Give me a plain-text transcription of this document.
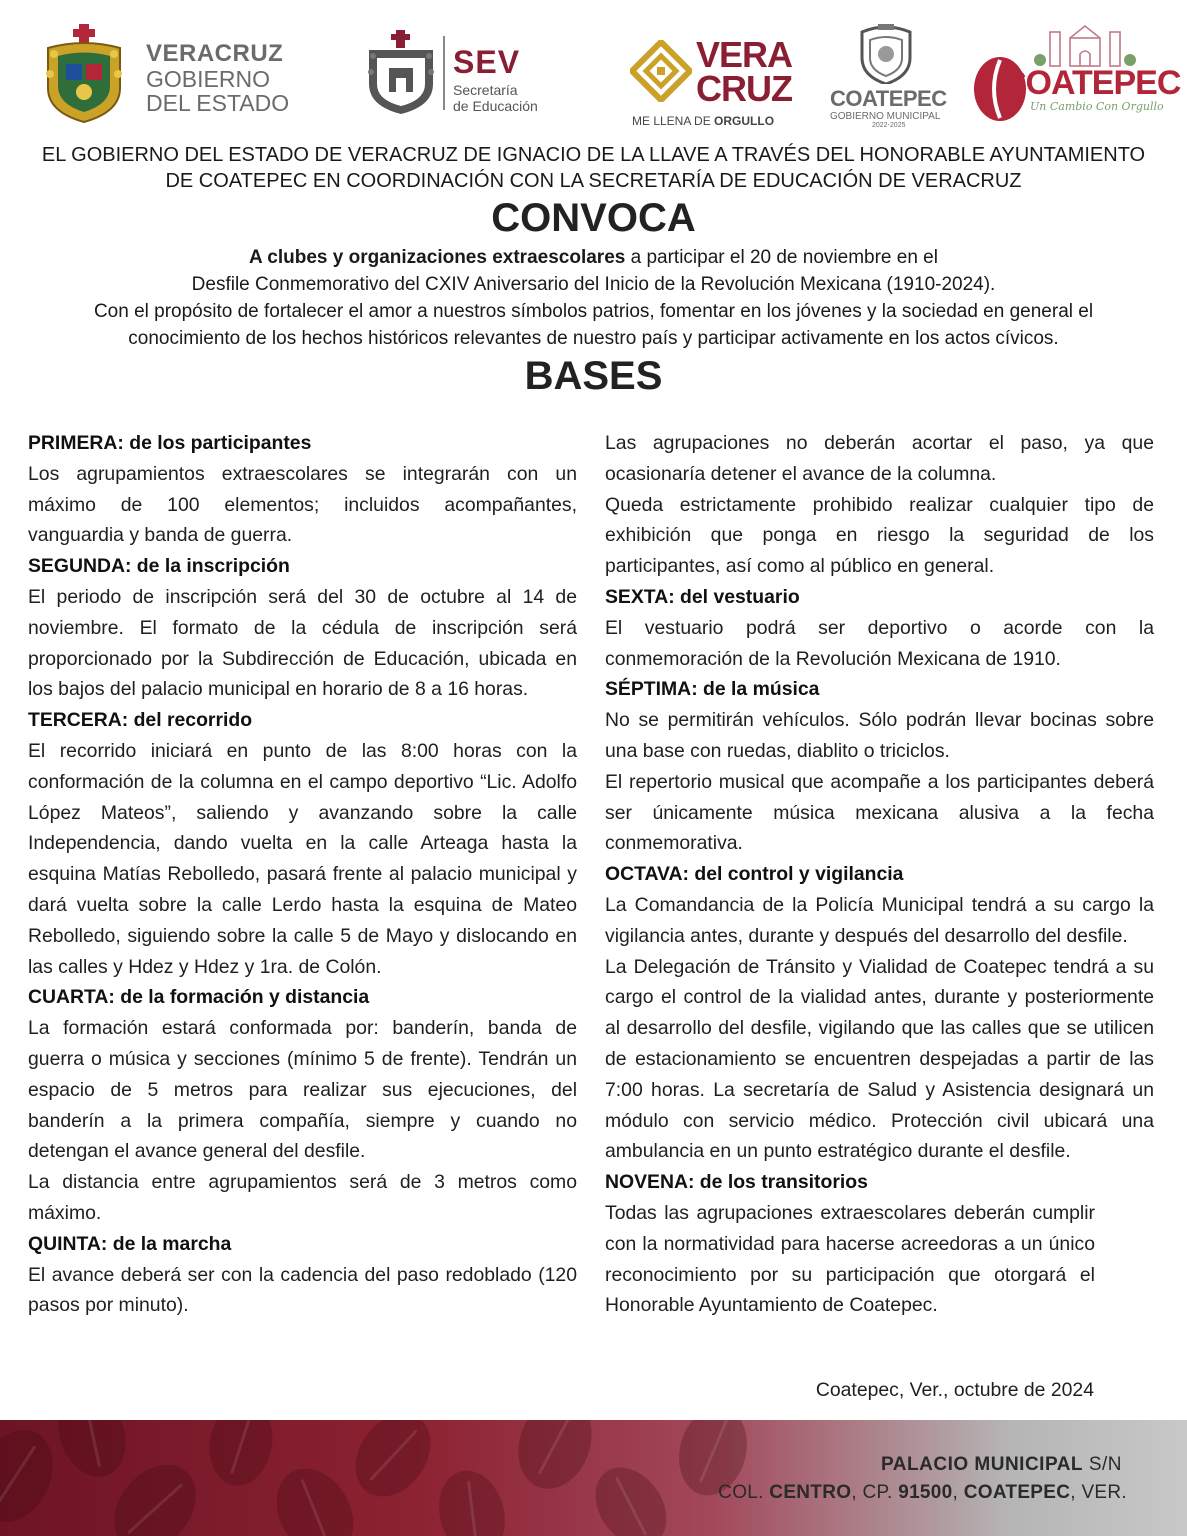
VERACRUZ
GOBIERNO
DEL ESTADO
SEV
Secretaría
de Educación
VERA
CRUZ
ME LLENA DE ORGULLO
COATEPEC
GOBIERNO MUNICIPAL
2022-2025
COATEPEC
Un Cambio Con Orgullo
EL GOBIERNO DEL ESTADO DE VERACRUZ DE IGNACIO DE LA LLAVE A TRAVÉS DEL HONORABLE AYUNTAMIENTO
DE COATEPEC EN COORDINACIÓN CON LA SECRETARÍA DE EDUCACIÓN DE VERACRUZ
CONVOCA
A clubes y organizaciones extraescolares a participar el 20 de noviembre en el
Desfile Conmemorativo del CXIV Aniversario del Inicio de la Revolución Mexicana (1910-2024).
Con el propósito de fortalecer el amor a nuestros símbolos patrios, fomentar en los jóvenes y la sociedad en general el
conocimiento de los hechos históricos relevantes de nuestro país y participar activamente en los actos cívicos.
BASES
PRIMERA: de los participantes

Los agrupamientos extraescolares se integrarán con un máximo de 100 elementos; incluidos acompañantes, vanguardia y banda de guerra.

SEGUNDA: de la inscripción

El periodo de inscripción será del 30 de octubre al 14 de noviembre. El formato de la cédula de inscripción será proporcionado por la Subdirección de Educación, ubicada en los bajos del palacio municipal en horario de 8 a 16 horas.

TERCERA: del recorrido

El recorrido iniciará en punto de las 8:00 horas con la conformación de la columna en el campo deportivo “Lic. Adolfo López Mateos”, saliendo y avanzando sobre la calle Independencia, dando vuelta en la calle Arteaga hasta la esquina Matías Rebolledo, pasará frente al palacio municipal y dará vuelta sobre la calle Lerdo hasta la esquina de Mateo Rebolledo, siguiendo sobre la calle 5 de Mayo y dislocando en las calles y Hdez y Hdez y 1ra. de Colón.

CUARTA: de la formación y distancia

La formación estará conformada por: banderín, banda de guerra o música y secciones (mínimo 5 de frente). Tendrán un espacio de 5 metros para realizar sus ejecuciones, del banderín a la primera compañía, siempre y cuando no detengan el avance general del desfile.

La distancia entre agrupamientos será de 3 metros como máximo.

QUINTA: de la marcha

El avance deberá ser con la cadencia del paso redoblado (120 pasos por minuto).

Las agrupaciones no deberán acortar el paso, ya que ocasionaría detener el avance de la columna.

Queda estrictamente prohibido realizar cualquier tipo de exhibición que ponga en riesgo la seguridad de los participantes, así como al público en general.

SEXTA: del vestuario

El vestuario podrá ser deportivo o acorde con la conmemoración de la Revolución Mexicana de 1910.

SÉPTIMA: de la música

No se permitirán vehículos. Sólo podrán llevar bocinas sobre una base con ruedas, diablito o triciclos.

El repertorio musical que acompañe a los participantes deberá ser únicamente música mexicana alusiva a la fecha conmemorativa.

OCTAVA: del control y vigilancia

La Comandancia de la Policía Municipal tendrá a su cargo la vigilancia antes, durante y después del desarrollo del desfile.

La Delegación de Tránsito y Vialidad de Coatepec tendrá a su cargo el control de la vialidad antes, durante y posteriormente al desarrollo del desfile, vigilando que las calles que se utilicen de estacionamiento se encuentren despejadas a partir de las 7:00 horas. La secretaría de Salud y Asistencia designará un módulo con servicio médico. Protección civil ubicará una ambulancia en un punto estratégico durante el desfile.

NOVENA: de los transitorios

Todas las agrupaciones extraescolares deberán cumplir con la normatividad para hacerse acreedoras a un único reconocimiento por su participación que otorgará el Honorable Ayuntamiento de Coatepec.

Coatepec, Ver., octubre de 2024
PALACIO MUNICIPAL S/N
COL. CENTRO, CP. 91500, COATEPEC, VER.
